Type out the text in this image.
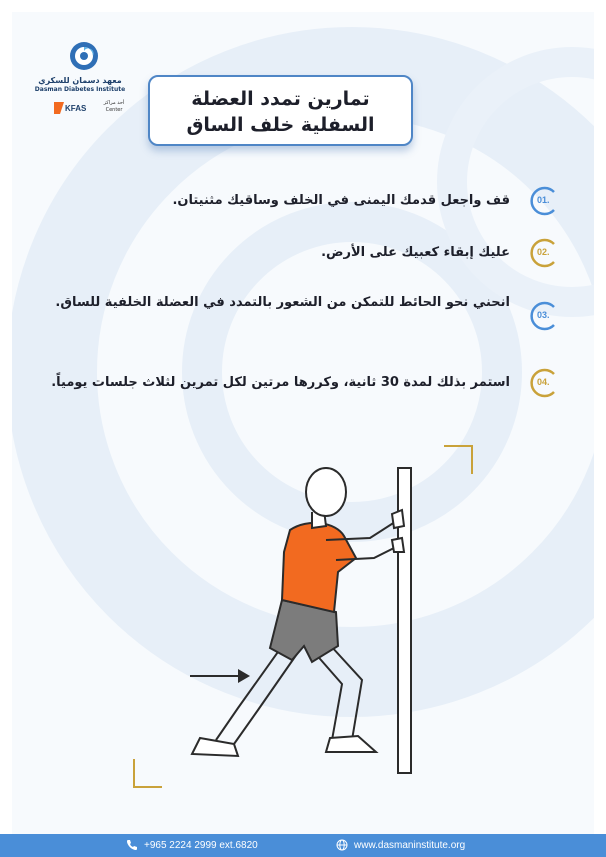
معهد دسمان للسكري
Dasman Diabetes Institute
KFAS
أحد مراكز
Center	تمارين تمدد العضلة
السفلية خلف الساق
01.
قف واجعل قدمك اليمنى في الخلف وساقيك مثنيتان.
02.
عليك إبقاء كعبيك على الأرض.
03.
انحني نحو الحائط للتمكن من الشعور بالتمدد في العضلة الخلفية للساق.
04.
استمر بذلك لمدة 30 ثانية، وكررها مرتين لكل تمرين لثلاث جلسات يومياً.
+965 2224 2999 ext.6820	www.dasmaninstitute.org
